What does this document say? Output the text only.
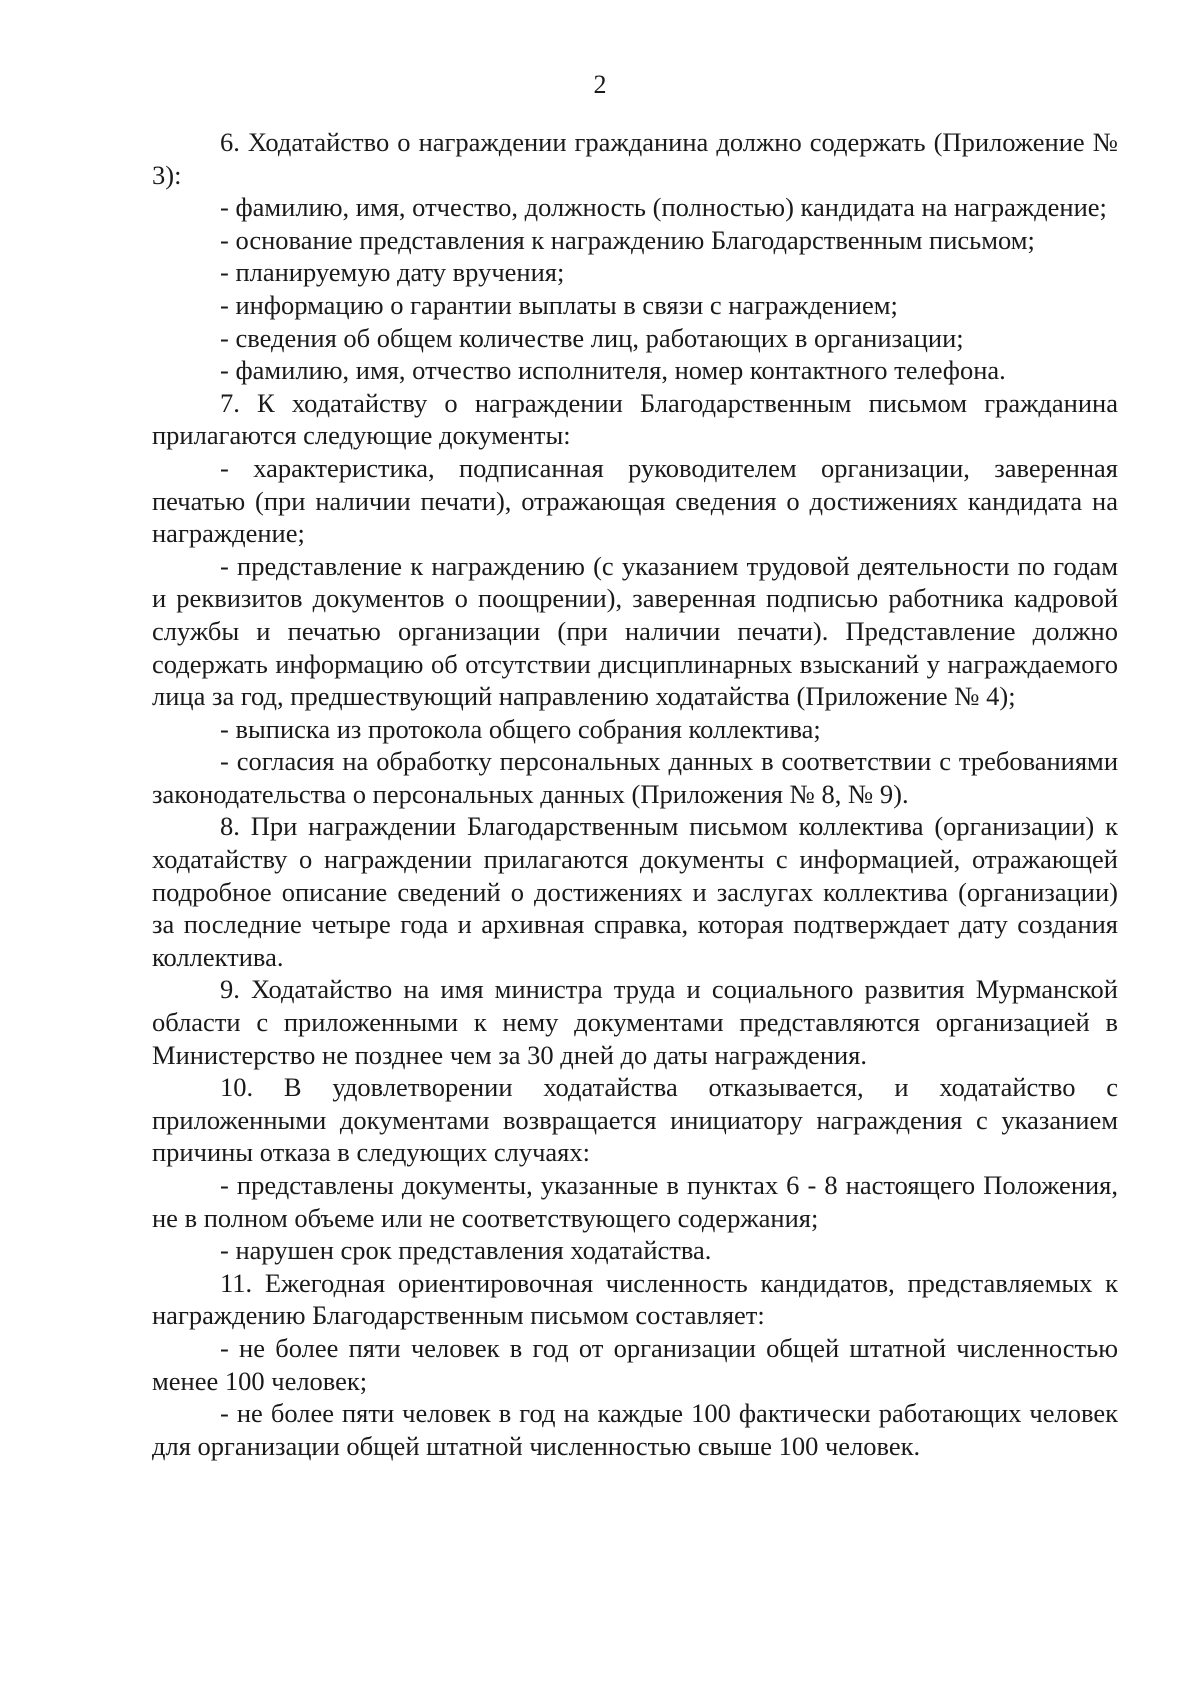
2

6. Ходатайство о награждении гражданина должно содержать (Приложение № 3):

- фамилию, имя, отчество, должность (полностью) кандидата на награждение;

- основание представления к награждению Благодарственным письмом;

- планируемую дату вручения;

- информацию о гарантии выплаты в связи с награждением;

- сведения об общем количестве лиц, работающих в организации;

- фамилию, имя, отчество исполнителя, номер контактного телефона.

7. К ходатайству о награждении Благодарственным письмом гражданина прилагаются следующие документы:

- характеристика, подписанная руководителем организации, заверенная печатью (при наличии печати), отражающая сведения о достижениях кандидата на награждение;

- представление к награждению (с указанием трудовой деятельности по годам и реквизитов документов о поощрении), заверенная подписью работника кадровой службы и печатью организации (при наличии печати). Представление должно содержать информацию об отсутствии дисциплинарных взысканий у награждаемого лица за год, предшествующий направлению ходатайства (Приложение № 4);

- выписка из протокола общего собрания коллектива;

- согласия на обработку персональных данных в соответствии с требованиями законодательства о персональных данных (Приложения № 8, № 9).

8. При награждении Благодарственным письмом коллектива (организации) к ходатайству о награждении прилагаются документы с информацией, отражающей подробное описание сведений о достижениях и заслугах коллектива (организации) за последние четыре года и архивная справка, которая подтверждает дату создания коллектива.

9. Ходатайство на имя министра труда и социального развития Мурманской области с приложенными к нему документами представляются организацией в Министерство не позднее чем за 30 дней до даты награждения.

10. В удовлетворении ходатайства отказывается, и ходатайство с приложенными документами возвращается инициатору награждения с указанием причины отказа в следующих случаях:

- представлены документы, указанные в пунктах 6 - 8 настоящего Положения, не в полном объеме или не соответствующего содержания;

- нарушен срок представления ходатайства.

11. Ежегодная ориентировочная численность кандидатов, представляемых к награждению Благодарственным письмом составляет:

- не более пяти человек в год от организации общей штатной численностью менее 100 человек;

- не более пяти человек в год на каждые 100 фактически работающих человек для организации общей штатной численностью свыше 100 человек.
